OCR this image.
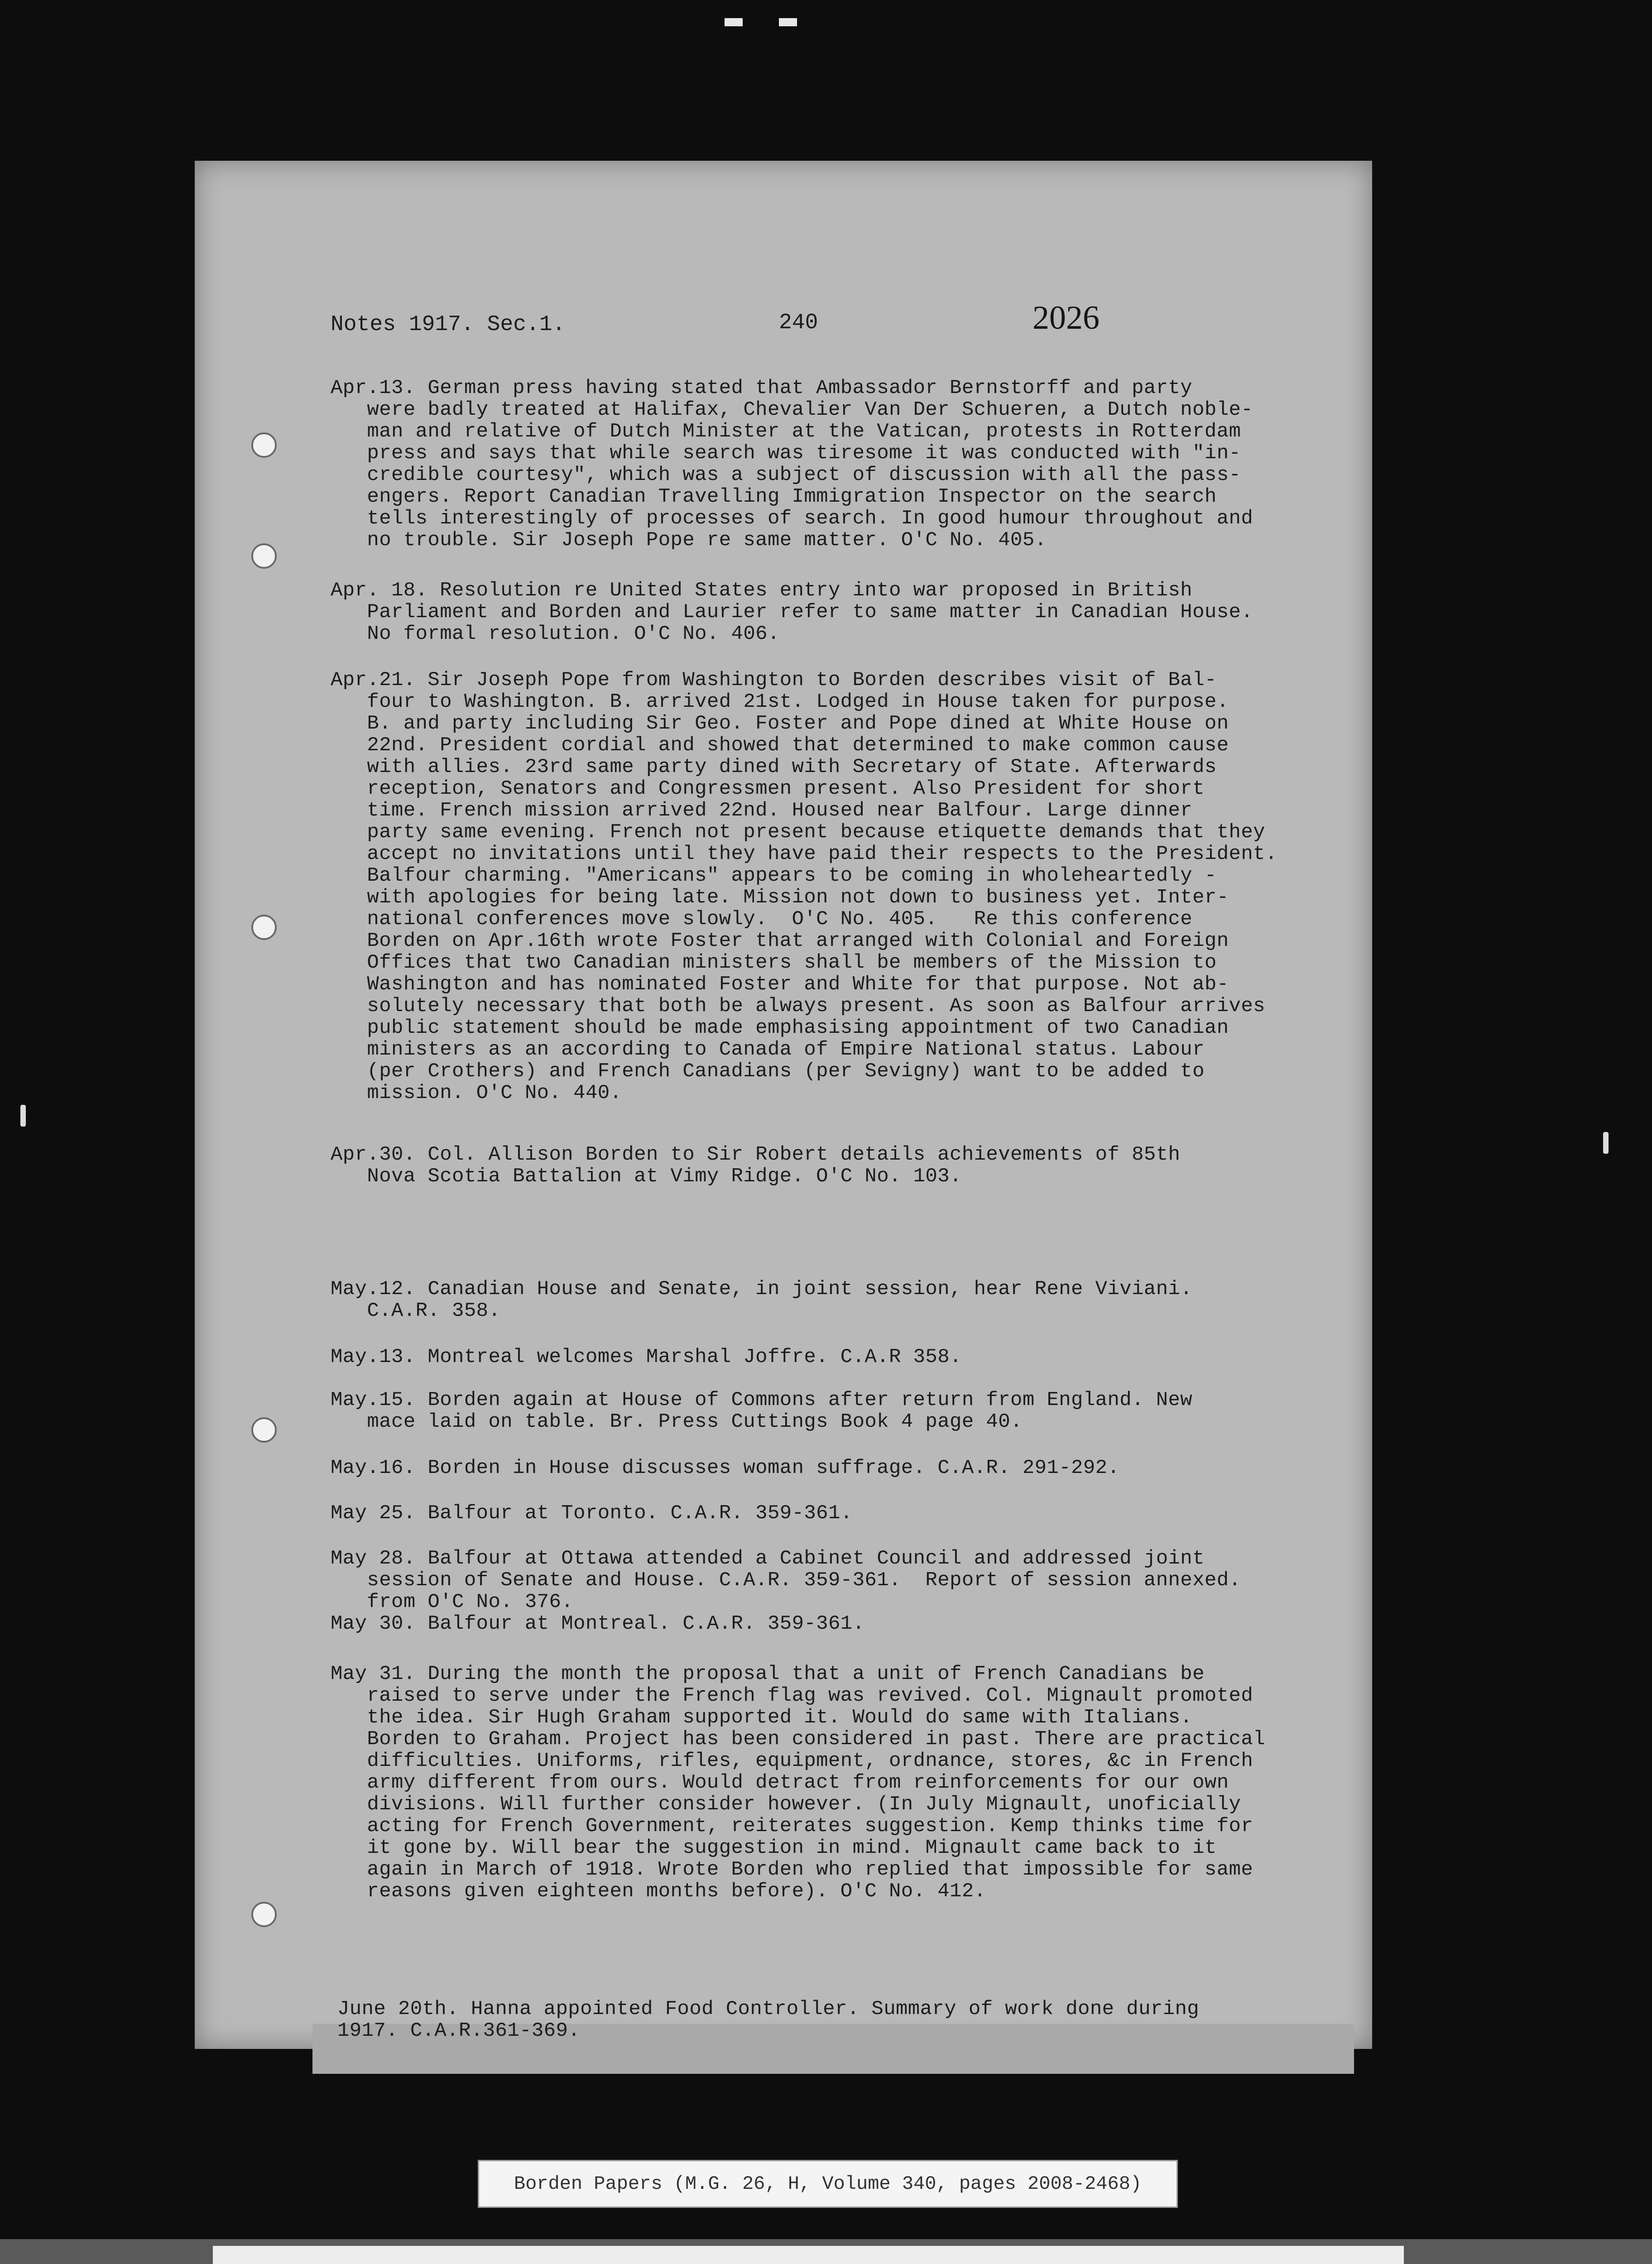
Notes 1917. Sec.1.	240	2026

Apr.13. German press having stated that Ambassador Bernstorff and party
were badly treated at Halifax, Chevalier Van Der Schueren, a Dutch noble-
man and relative of Dutch Minister at the Vatican, protests in Rotterdam
press and says that while search was tiresome it was conducted with "in-
credible courtesy", which was a subject of discussion with all the pass-
engers. Report Canadian Travelling Immigration Inspector on the search
tells interestingly of processes of search. In good humour throughout and
no trouble. Sir Joseph Pope re same matter. O'C No. 405.

Apr. 18. Resolution re United States entry into war proposed in British
Parliament and Borden and Laurier refer to same matter in Canadian House.
No formal resolution. O'C No. 406.

Apr.21. Sir Joseph Pope from Washington to Borden describes visit of Bal-
four to Washington. B. arrived 21st. Lodged in House taken for purpose.
B. and party including Sir Geo. Foster and Pope dined at White House on
22nd. President cordial and showed that determined to make common cause
with allies. 23rd same party dined with Secretary of State. Afterwards
reception, Senators and Congressmen present. Also President for short
time. French mission arrived 22nd. Housed near Balfour. Large dinner
party same evening. French not present because etiquette demands that they
accept no invitations until they have paid their respects to the President.
Balfour charming. "Americans" appears to be coming in wholeheartedly -
with apologies for being late. Mission not down to business yet. Inter-
national conferences move slowly.  O'C No. 405.   Re this conference
Borden on Apr.16th wrote Foster that arranged with Colonial and Foreign
Offices that two Canadian ministers shall be members of the Mission to
Washington and has nominated Foster and White for that purpose. Not ab-
solutely necessary that both be always present. As soon as Balfour arrives
public statement should be made emphasising appointment of two Canadian
ministers as an according to Canada of Empire National status. Labour
(per Crothers) and French Canadians (per Sevigny) want to be added to
mission. O'C No. 440.

Apr.30. Col. Allison Borden to Sir Robert details achievements of 85th
Nova Scotia Battalion at Vimy Ridge. O'C No. 103.

May.12. Canadian House and Senate, in joint session, hear Rene Viviani.
C.A.R. 358.

May.13. Montreal welcomes Marshal Joffre. C.A.R 358.

May.15. Borden again at House of Commons after return from England. New
mace laid on table. Br. Press Cuttings Book 4 page 40.

May.16. Borden in House discusses woman suffrage. C.A.R. 291-292.

May 25. Balfour at Toronto. C.A.R. 359-361.

May 28. Balfour at Ottawa attended a Cabinet Council and addressed joint
session of Senate and House. C.A.R. 359-361.  Report of session annexed.
from O'C No. 376.
May 30. Balfour at Montreal. C.A.R. 359-361.

May 31. During the month the proposal that a unit of French Canadians be
raised to serve under the French flag was revived. Col. Mignault promoted
the idea. Sir Hugh Graham supported it. Would do same with Italians.
Borden to Graham. Project has been considered in past. There are practical
difficulties. Uniforms, rifles, equipment, ordnance, stores, &c in French
army different from ours. Would detract from reinforcements for our own
divisions. Will further consider however. (In July Mignault, unoficially
acting for French Government, reiterates suggestion. Kemp thinks time for
it gone by. Will bear the suggestion in mind. Mignault came back to it
again in March of 1918. Wrote Borden who replied that impossible for same
reasons given eighteen months before). O'C No. 412.

June 20th. Hanna appointed Food Controller. Summary of work done during
1917. C.A.R.361-369.

Borden Papers (M.G. 26, H, Volume 340, pages 2008-2468)
